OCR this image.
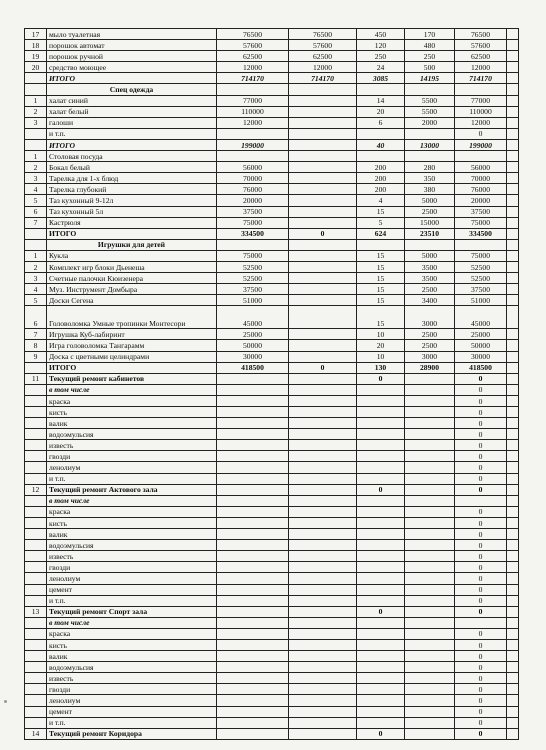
17	мыло туалетная	76500	76500	450	170	76500	
18	порошок автомат	57600	57600	120	480	57600	
19	порошок ручной	62500	62500	250	250	62500	
20	средство моющее	12000	12000	24	500	12000	
	ИТОГО	714170	714170	3085	14195	714170	
	Спец одежда						
1	халат синий	77000		14	5500	77000	
2	халат белый	110000		20	5500	110000	
3	галоши	12000		6	2000	12000	
	и т.п.					0	
	ИТОГО	199000		40	13000	199000	
1	Столовая посуда						
2	Бокал белый	56000		200	280	56000	
3	Тарелка для 1-х блюд	70000		200	350	70000	
4	Тарелка глубокий	76000		200	380	76000	
5	Таз кухонный 9-12л	20000		4	5000	20000	
6	Таз кухонный 5л	37500		15	2500	37500	
7	Кастрюля	75000		5	15000	75000	
	ИТОГО	334500	0	624	23510	334500	
	Игрушки для детей						
1	Кукла	75000		15	5000	75000	
2	Комплект игр блоки Дьенеша	52500		15	3500	52500	
3	Счетные палочки Кюизенера	52500		15	3500	52500	
4	Муз. Инструмент Домбыра	37500		15	2500	37500	
5	Доски Сегена	51000		15	3400	51000	
6	Головоломка Умные тропинки Монтесори	45000		15	3000	45000	
7	Игрушка Куб-лабиринт	25000		10	2500	25000	
8	Игра головоломка Тангарамм	50000		20	2500	50000	
9	Доска с цветными целиндрами	30000		10	3000	30000	
	ИТОГО	418500	0	130	28900	418500	
11	Текущий ремонт кабинетов			0		0	
	в том числе					0	
	краска					0	
	кисть					0	
	валик					0	
	водоэмульсия					0	
	известь					0	
	гвозди					0	
	ленолиум					0	
	и т.п.					0	
12	Текущий ремонт Актового зала			0		0	
	в том числе						
	краска					0	
	кисть					0	
	валик					0	
	водоэмульсия					0	
	известь					0	
	гвозди					0	
	ленолиум					0	
	цемент					0	
	и т.п.					0	
13	Текущий ремонт Спорт зала			0		0	
	в том числе						
	краска					0	
	кисть					0	
	валик					0	
	водоэмульсия					0	
	известь					0	
	гвозди					0	
	ленолиум					0	
	цемент					0	
	и т.п.					0	
14	Текущий ремонт Коридора			0		0	
